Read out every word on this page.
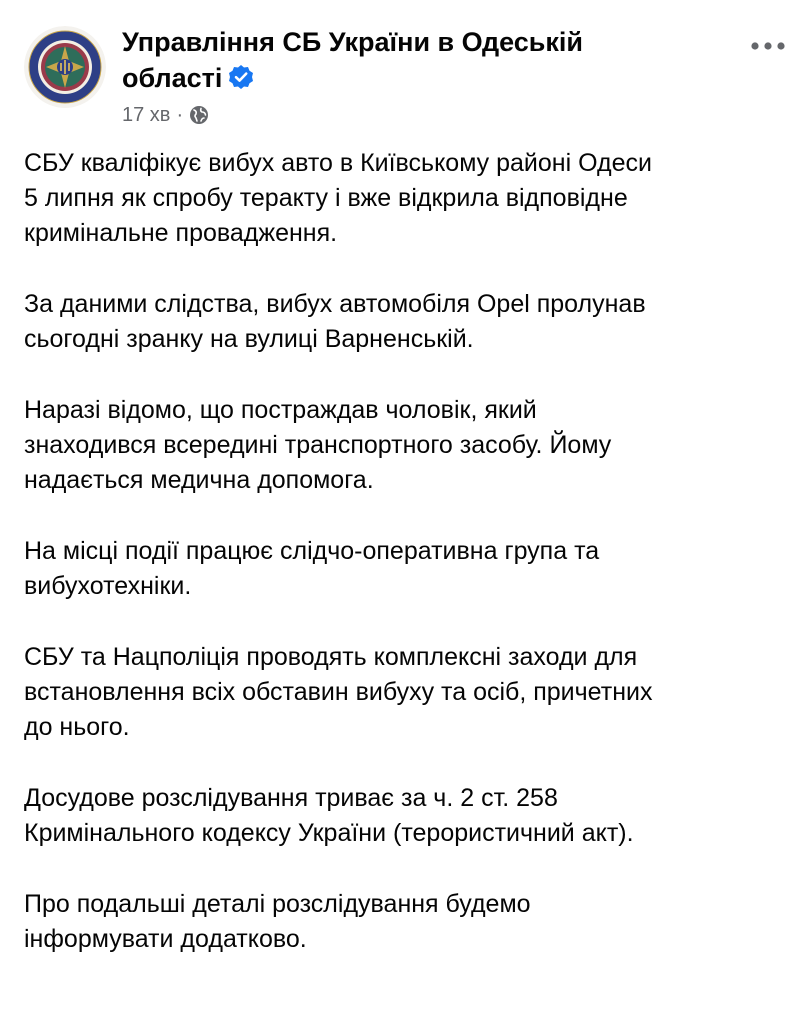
Управління СБ України в Одеській області
17 хв ·

СБУ кваліфікує вибух авто в Київському районі Одеси
5 липня як спробу теракту і вже відкрила відповідне
кримінальне провадження.

За даними слідства, вибух автомобіля Opel пролунав
сьогодні зранку на вулиці Варненській.

Наразі відомо, що постраждав чоловік, який
знаходився всередині транспортного засобу. Йому
надається медична допомога.

На місці події працює слідчо-оперативна група та
вибухотехніки.

СБУ та Нацполіція проводять комплексні заходи для
встановлення всіх обставин вибуху та осіб, причетних
до нього.

Досудове розслідування триває за ч. 2 ст. 258
Кримінального кодексу України (терористичний акт).

Про подальші деталі розслідування будемо
інформувати додатково.
